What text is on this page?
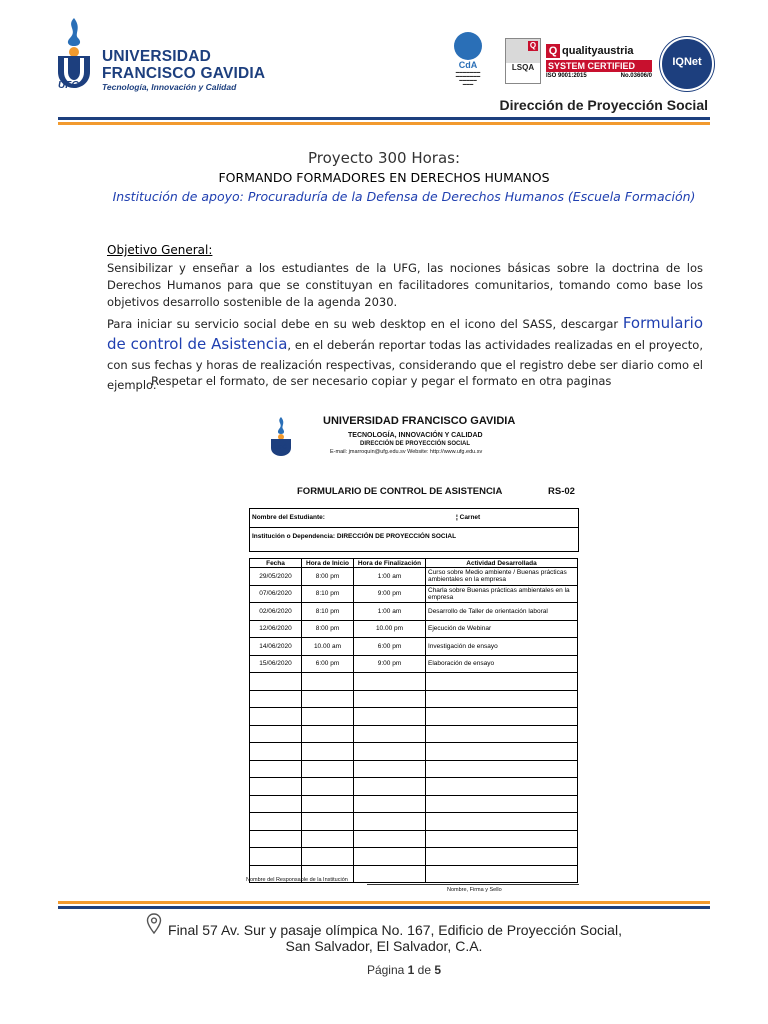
UFG
UNIVERSIDAD
FRANCISCO GAVIDIA
Tecnología, Innovación y Calidad
CdA
▬▬▬▬▬▬▬
▬▬▬▬▬▬▬
▬▬▬▬▬
▬▬▬
Q
LSQA
Q qualityaustria
SYSTEM CERTIFIED
ISO 9001:2015	No.03606/0
IQNet
Dirección de Proyección Social
Proyecto 300 Horas:
FORMANDO FORMADORES EN DERECHOS HUMANOS
Institución de apoyo: Procuraduría de la Defensa de Derechos Humanos (Escuela Formación)
Objetivo General:
Sensibilizar y enseñar a los estudiantes de la UFG, las nociones básicas sobre la doctrina de los Derechos Humanos para que se constituyan en facilitadores comunitarios, tomando como base los objetivos desarrollo sostenible de la agenda 2030.
Para iniciar su servicio social debe en su web desktop en el icono del SASS, descargar Formulario de control de Asistencia, en el deberán reportar todas las actividades realizadas en el proyecto, con sus fechas y horas de realización respectivas, considerando que el registro debe ser diario como el ejemplo.
Respetar el formato, de ser necesario copiar y pegar el formato en otra paginas
UFG
UNIVERSIDAD FRANCISCO GAVIDIA
TECNOLOGÍA, INNOVACIÓN Y CALIDAD
DIRECCIÓN DE PROYECCIÓN SOCIAL
E-mail: jmarroquin@ufg.edu.sv Website: http://www.ufg.edu.sv
FORMULARIO DE CONTROL DE ASISTENCIA	RS-02
Nombre del Estudiante:	¦ Carnet
Institución o Dependencia: DIRECCIÓN DE PROYECCIÓN SOCIAL
Fecha	Hora de Inicio	Hora de Finalización	Actividad Desarrollada
29/05/2020	8:00 pm	1:00 am	Curso sobre Medio ambiente / Buenas prácticas ambientales en la empresa
07/06/2020	8:10 pm	9:00 pm	Charla sobre Buenas prácticas ambientales en la empresa
02/06/2020	8:10 pm	1:00 am	Desarrollo de Taller de orientación laboral
12/06/2020	8:00 pm	10.00 pm	Ejecución de Webinar
14/06/2020	10.00 am	6:00 pm	Investigación de ensayo
15/06/2020	6:00 pm	9:00 pm	Elaboración de ensayo

Nombre del Responsable de la Institución
Nombre, Firma y Sello
Final 57 Av. Sur y pasaje olímpica No. 167, Edificio de Proyección Social,
San Salvador, El Salvador, C.A.
Página 1 de 5
